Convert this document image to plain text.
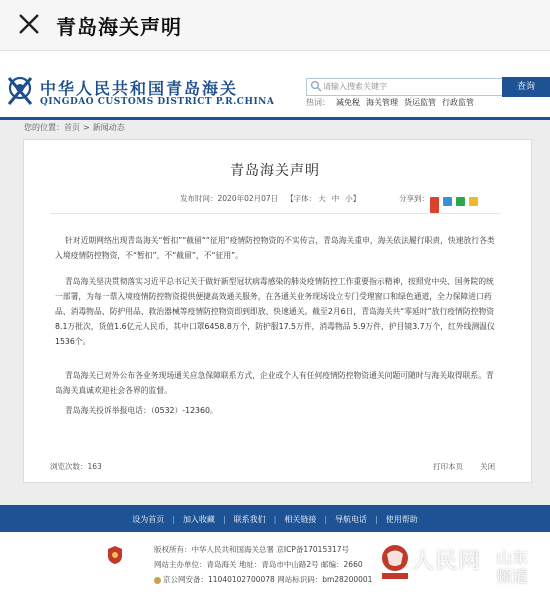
青岛海关声明
中华人民共和国青岛海关
QINGDAO CUSTOMS DISTRICT P.R.CHINA
请输入搜索关键字	查询
热词： 减免税 海关管理 货运监管 行政监管
您的位置：首页 > 新闻动态
青岛海关声明
发布时间：2020年02月07日 【字体： 大 中 小】	分享到：
针对近期网络出现青岛海关“暂扣”“截留”“征用”疫情防控物资的不实传言，青岛海关重申，海关依法履行职责，快速放行各类入境疫情防控物资，不“暂扣”，不“截留”，不“征用”。
青岛海关坚决贯彻落实习近平总书记关于做好新型冠状病毒感染的肺炎疫情防控工作重要指示精神，按照党中央、国务院的统一部署，为每一票入境疫情防控物资提供便捷高效通关服务，在各通关业务现场设立专门受理窗口和绿色通道，全力保障进口药品、消毒物品、防护用品、救治器械等疫情防控物资即到即放、快速通关。截至2月6日，青岛海关共“零延时”放行疫情防控物资8.1万批次，货值1.6亿元人民币，其中口罩6458.8万个，防护服17.5万件，消毒物品 5.9万件，护目镜3.7万个，红外线测温仪1536个。
青岛海关已对外公布各业务现场通关应急保障联系方式，企业或个人有任何疫情防控物资通关问题可随时与海关取得联系。青岛海关真诚欢迎社会各界的监督。
青岛海关投诉举报电话：（0532）-12360。
浏览次数：163	打印本页 关闭
设为首页 | 加入收藏 | 联系我们 | 相关链接 | 导航电话 | 使用帮助
版权所有：中华人民共和国海关总署 京ICP备17015317号
网站主办单位：青岛海关 地址：青岛市中山路2号 邮编：2660
京公网安备：11040102700078 网站标识码：bm28200001
人民网
sd.people.cn
山东频道
